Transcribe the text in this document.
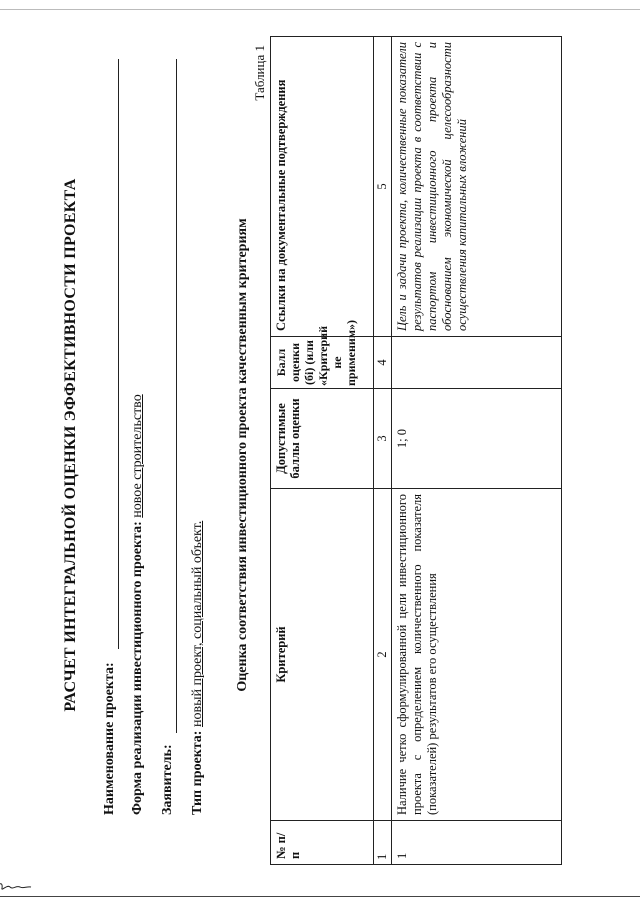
РАСЧЕТ ИНТЕГРАЛЬНОЙ ОЦЕНКИ ЭФФЕКТИВНОСТИ ПРОЕКТА
Наименование проекта: Форма реализации инвестиционного проекта: новое строительство
Заявитель: Тип проекта: новый проект, социальный объект. Оценка соответствия инвестиционного проекта качественным критериям
Таблица 1
№ п/п	Критерий	Допустимые баллы оценки	Балл оценки (бi) (или «Критерий не применим»)	Ссылки на документальные подтверждения
1	2	3	4	5
1	Наличие четко сформулированной цели инвестиционного проекта с определением количественного показателя (показателей) результатов его осуществления	1; 0		Цель и задачи проекта, количественные показатели результатов реализации проекта в соответствии с паспортом инвестиционного проекта и обоснованием экономической целесообразности осуществления капитальных вложений
